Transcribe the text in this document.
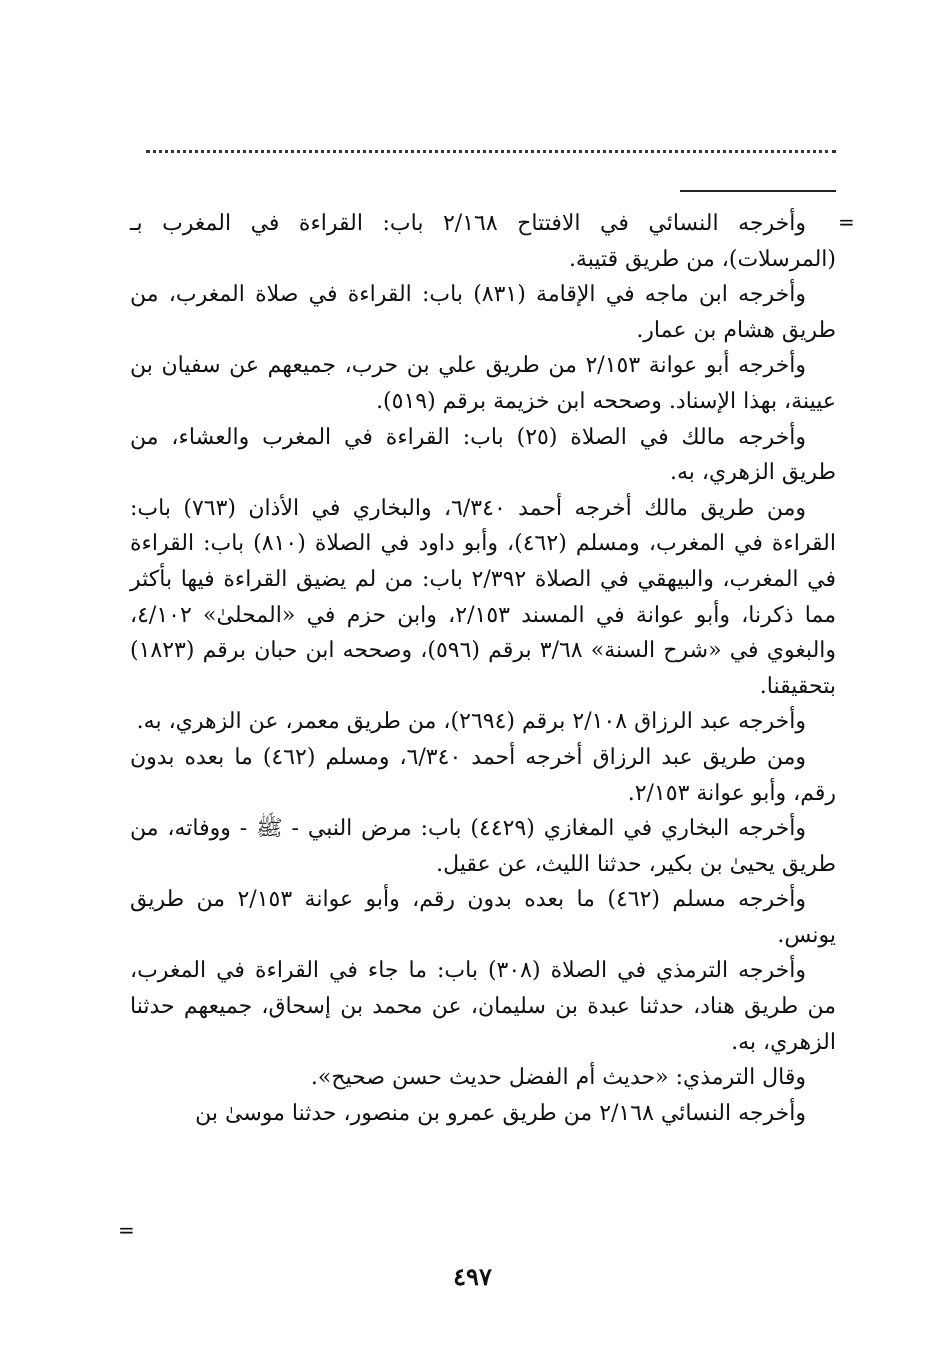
=

وأخرجه النسائي في الافتتاح ٢/١٦٨ باب: القراءة في المغرب بـ (المرسلات)، من طريق قتيبة.

وأخرجه ابن ماجه في الإقامة (٨٣١) باب: القراءة في صلاة المغرب، من طريق هشام بن عمار.

وأخرجه أبو عوانة ٢/١٥٣ من طريق علي بن حرب، جميعهم عن سفيان بن عيينة، بهذا الإسناد. وصححه ابن خزيمة برقم (٥١٩).

وأخرجه مالك في الصلاة (٢٥) باب: القراءة في المغرب والعشاء، من طريق الزهري، به.

ومن طريق مالك أخرجه أحمد ٦/٣٤٠، والبخاري في الأذان (٧٦٣) باب: القراءة في المغرب، ومسلم (٤٦٢)، وأبو داود في الصلاة (٨١٠) باب: القراءة في المغرب، والبيهقي في الصلاة ٢/٣٩٢ باب: من لم يضيق القراءة فيها بأكثر مما ذكرنا، وأبو عوانة في المسند ٢/١٥٣، وابن حزم في «المحلىٰ» ٤/١٠٢، والبغوي في «شرح السنة» ٣/٦٨ برقم (٥٩٦)، وصححه ابن حبان برقم (١٨٢٣) بتحقيقنا.

وأخرجه عبد الرزاق ٢/١٠٨ برقم (٢٦٩٤)، من طريق معمر، عن الزهري، به.

ومن طريق عبد الرزاق أخرجه أحمد ٦/٣٤٠، ومسلم (٤٦٢) ما بعده بدون رقم، وأبو عوانة ٢/١٥٣.

وأخرجه البخاري في المغازي (٤٤٢٩) باب: مرض النبي - ﷺ - ووفاته، من طريق يحيىٰ بن بكير، حدثنا الليث، عن عقيل.

وأخرجه مسلم (٤٦٢) ما بعده بدون رقم، وأبو عوانة ٢/١٥٣ من طريق يونس.

وأخرجه الترمذي في الصلاة (٣٠٨) باب: ما جاء في القراءة في المغرب، من طريق هناد، حدثنا عبدة بن سليمان، عن محمد بن إسحاق، جميعهم حدثنا الزهري، به.

وقال الترمذي: «حديث أم الفضل حديث حسن صحيح».

وأخرجه النسائي ٢/١٦٨ من طريق عمرو بن منصور، حدثنا موسىٰ بن

=
٤٩٧
